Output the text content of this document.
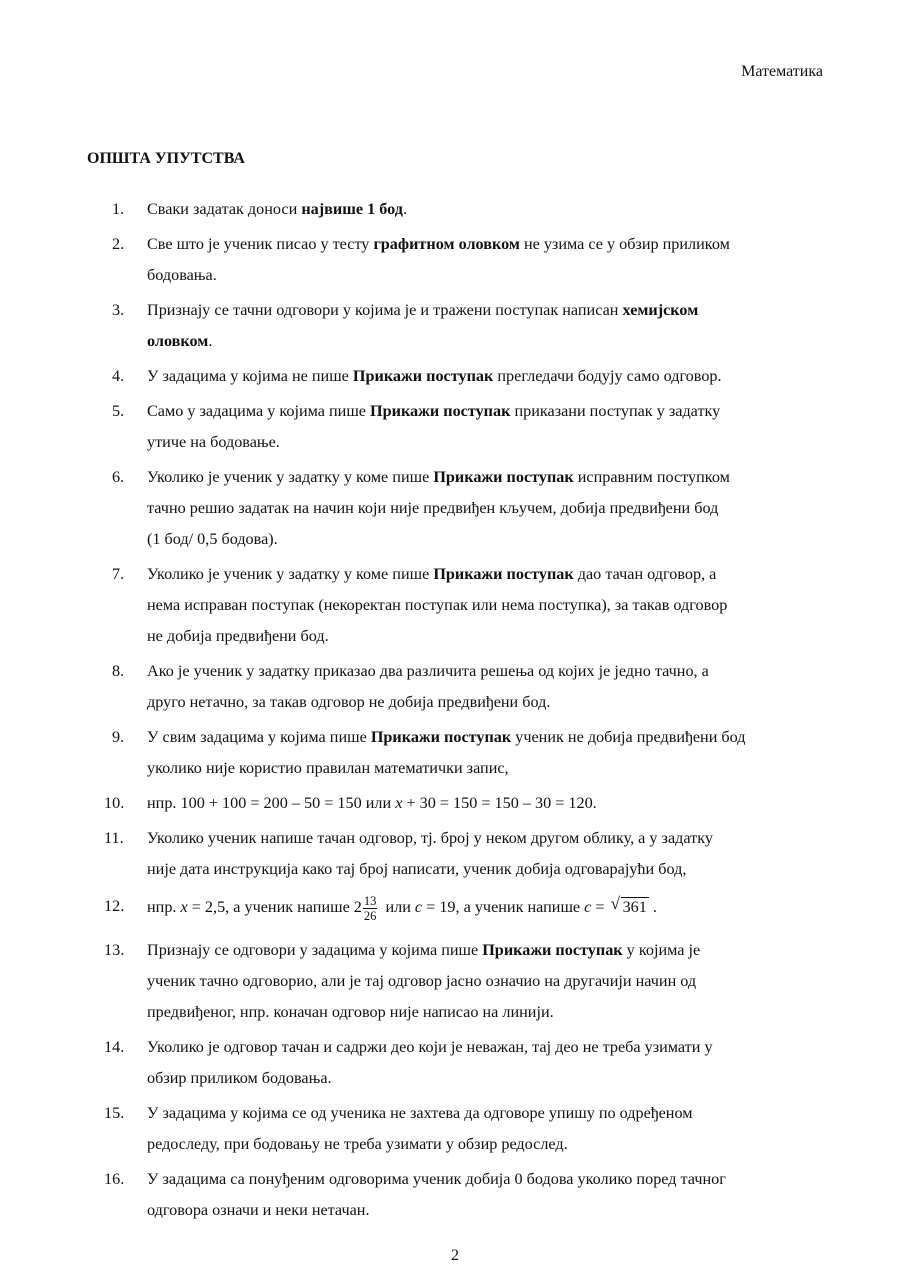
Математика
ОПШТА УПУТСТВА
1. Сваки задатак доноси највише 1 бод.
2. Све што је ученик писао у тесту графитном оловком не узима се у обзир приликом
бодовања.
3. Признају се тачни одговори у којима је и тражени поступак написан хемијском
оловком.
4. У задацима у којима не пише Прикажи поступак прегледачи бодују само одговор.
5. Само у задацима у којима пише Прикажи поступак приказани поступак у задатку
утиче на бодовање.
6. Уколико је ученик у задатку у коме пише Прикажи поступак исправним поступком
тачно решио задатак на начин који није предвиђен кључем, добија предвиђени бод
(1 бод/ 0,5 бодова).
7. Уколико је ученик у задатку у коме пише Прикажи поступак дао тачан одговор, а
нема исправан поступак (некоректан поступак или нема поступка), за такав одговор
не добија предвиђени бод.
8. Ако је ученик у задатку приказао два различита решења од којих је једно тачно, а
друго нетачно, за такав одговор не добија предвиђени бод.
9. У свим задацима у којима пише Прикажи поступак ученик не добија предвиђени бод
уколико није користио правилан математички запис,
10. нпр. 100 + 100 = 200 – 50 = 150 или x + 30 = 150 = 150 – 30 = 120.
11. Уколико ученик напише тачан одговор, тј. број у неком другом облику, а у задатку
није дата инструкција како тај број написати, ученик добија одговарајући бод,
12. нпр. x = 2,5, а ученик напише $2 \frac{13}{26}$ или c = 19, а ученик напише c = √ 361 .
13. Признају се одговори у задацима у којима пише Прикажи поступак у којима је
ученик тачно одговорио, али је тај одговор јасно означио на другачији начин од
предвиђеног, нпр. коначан одговор није написао на линији.
14. Уколико је одговор тачан и садржи део који је неважан, тај део не треба узимати у
обзир приликом бодовања.
15. У задацима у којима се од ученика не захтева да одговоре упишу по одређеном
редоследу, при бодовању не треба узимати у обзир редослед.
16. У задацима са понуђеним одговорима ученик добија 0 бодова уколико поред тачног
одговора означи и неки нетачан.
2
